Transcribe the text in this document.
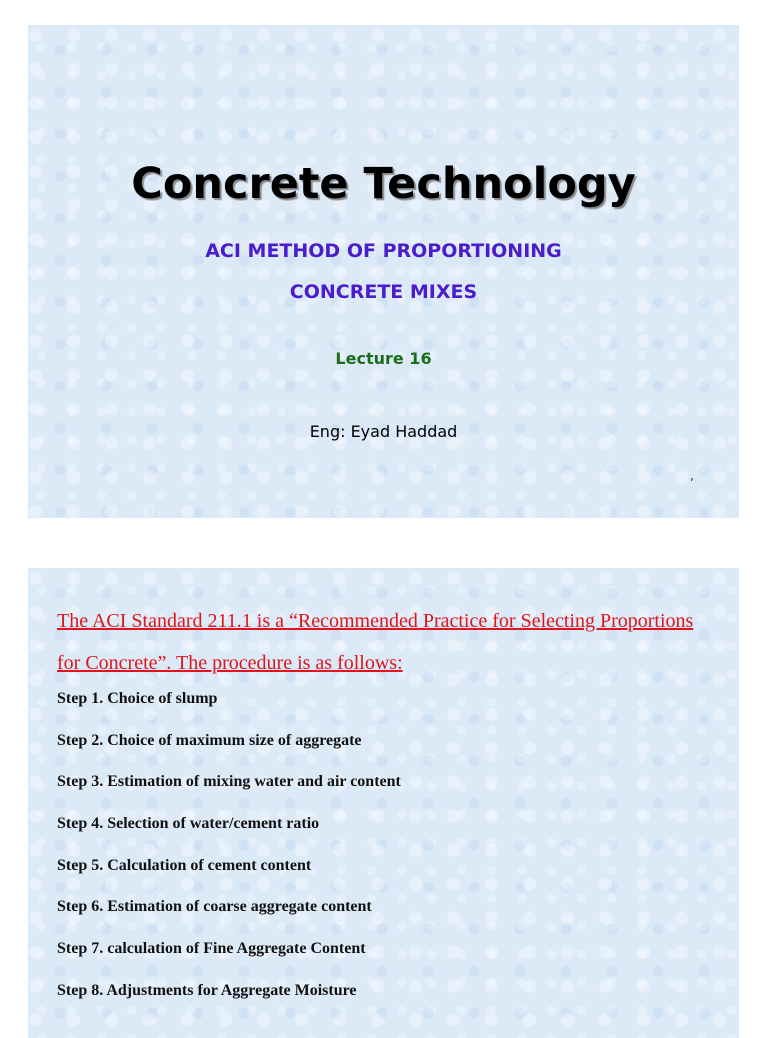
Concrete Technology
ACI METHOD OF PROPORTIONING
CONCRETE MIXES
Lecture 16
Eng: Eyad Haddad
ʼ
The ACI Standard 211.1 is a “Recommended Practice for Selecting Proportions for Concrete”. The procedure is as follows:
Step 1. Choice of slump
Step 2. Choice of maximum size of aggregate
Step 3. Estimation of mixing water and air content
Step 4. Selection of water/cement ratio
Step 5. Calculation of cement content
Step 6. Estimation of coarse aggregate content
Step 7. calculation of Fine Aggregate Content
Step 8. Adjustments for Aggregate Moisture
